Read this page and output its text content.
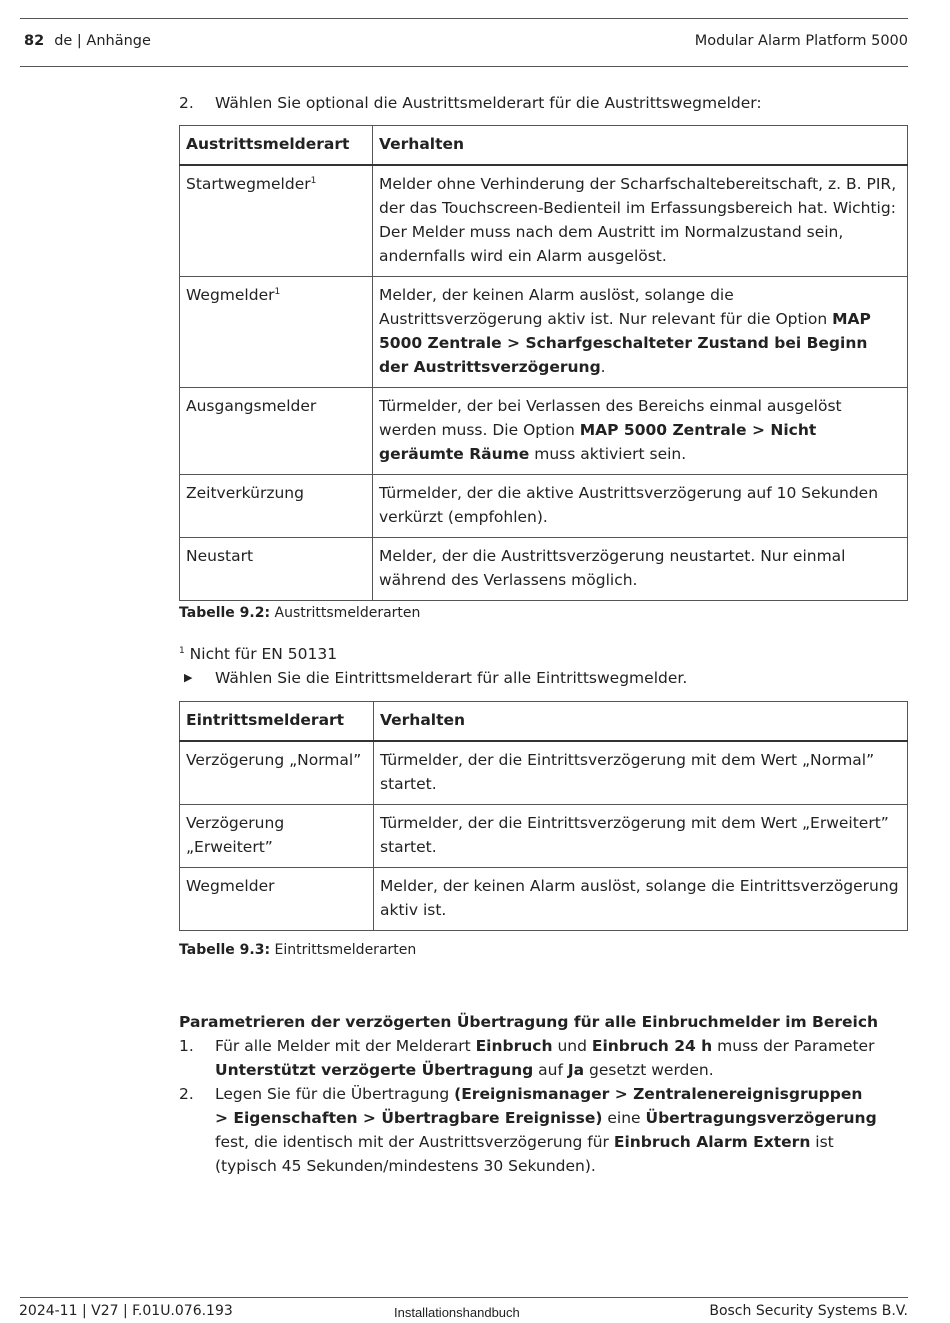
82 de | Anhänge	Modular Alarm Platform 5000
2. Wählen Sie optional die Austrittsmelderart für die Austrittswegmelder:
Austrittsmelderart	Verhalten
Startwegmelder$^1$	Melder ohne Verhinderung der Scharfschaltebereitschaft, z. B. PIR, der das Touchscreen-Bedienteil im Erfassungsbereich hat. Wichtig: Der Melder muss nach dem Austritt im Normalzustand sein, andernfalls wird ein Alarm ausgelöst.
Wegmelder$^1$	Melder, der keinen Alarm auslöst, solange die Austrittsverzögerung aktiv ist. Nur relevant für die Option MAP 5000 Zentrale > Scharfgeschalteter Zustand bei Beginn der Austrittsverzögerung.
Ausgangsmelder	Türmelder, der bei Verlassen des Bereichs einmal ausgelöst werden muss. Die Option MAP 5000 Zentrale > Nicht geräumte Räume muss aktiviert sein.
Zeitverkürzung	Türmelder, der die aktive Austrittsverzögerung auf 10 Sekunden verkürzt (empfohlen).
Neustart	Melder, der die Austrittsverzögerung neustartet. Nur einmal während des Verlassens möglich.
Tabelle 9.2: Austrittsmelderarten
$^1$ Nicht für EN 50131
▶ Wählen Sie die Eintrittsmelderart für alle Eintrittswegmelder.
Eintrittsmelderart	Verhalten
Verzögerung „Normal”	Türmelder, der die Eintrittsverzögerung mit dem Wert „Normal” startet.
Verzögerung „Erweitert”	Türmelder, der die Eintrittsverzögerung mit dem Wert „Erweitert” startet.
Wegmelder	Melder, der keinen Alarm auslöst, solange die Eintrittsverzögerung aktiv ist.
Tabelle 9.3: Eintrittsmelderarten
Parametrieren der verzögerten Übertragung für alle Einbruchmelder im Bereich
1. Für alle Melder mit der Melderart Einbruch und Einbruch 24 h muss der Parameter Unterstützt verzögerte Übertragung auf Ja gesetzt werden.
2. Legen Sie für die Übertragung (Ereignismanager > Zentralenereignisgruppen > Eigenschaften > Übertragbare Ereignisse) eine Übertragungsverzögerung fest, die identisch mit der Austrittsverzögerung für Einbruch Alarm Extern ist (typisch 45 Sekunden/mindestens 30 Sekunden).
2024-11 | V27 | F.01U.076.193	Installationshandbuch	Bosch Security Systems B.V.
